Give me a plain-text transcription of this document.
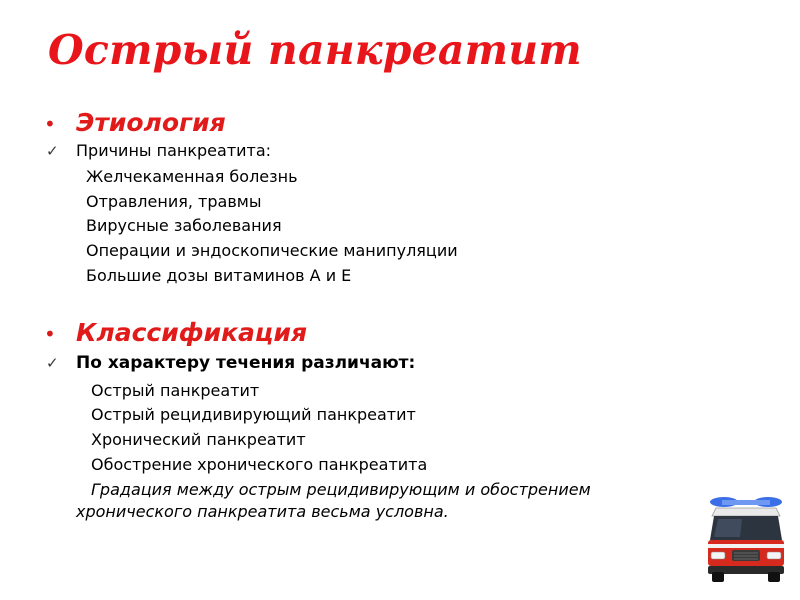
Острый панкреатит
• Этиология
✓ Причины панкреатита:
Желчекаменная болезнь
Отравления, травмы
Вирусные заболевания
Операции и эндоскопические манипуляции
Большие дозы витаминов А и Е
• Классификация
✓ По характеру течения различают:
Острый панкреатит
Острый рецидивирующий панкреатит
Хронический панкреатит
Обострение хронического панкреатита
Градация между острым рецидивирующим и обострением
хронического панкреатита весьма условна.
